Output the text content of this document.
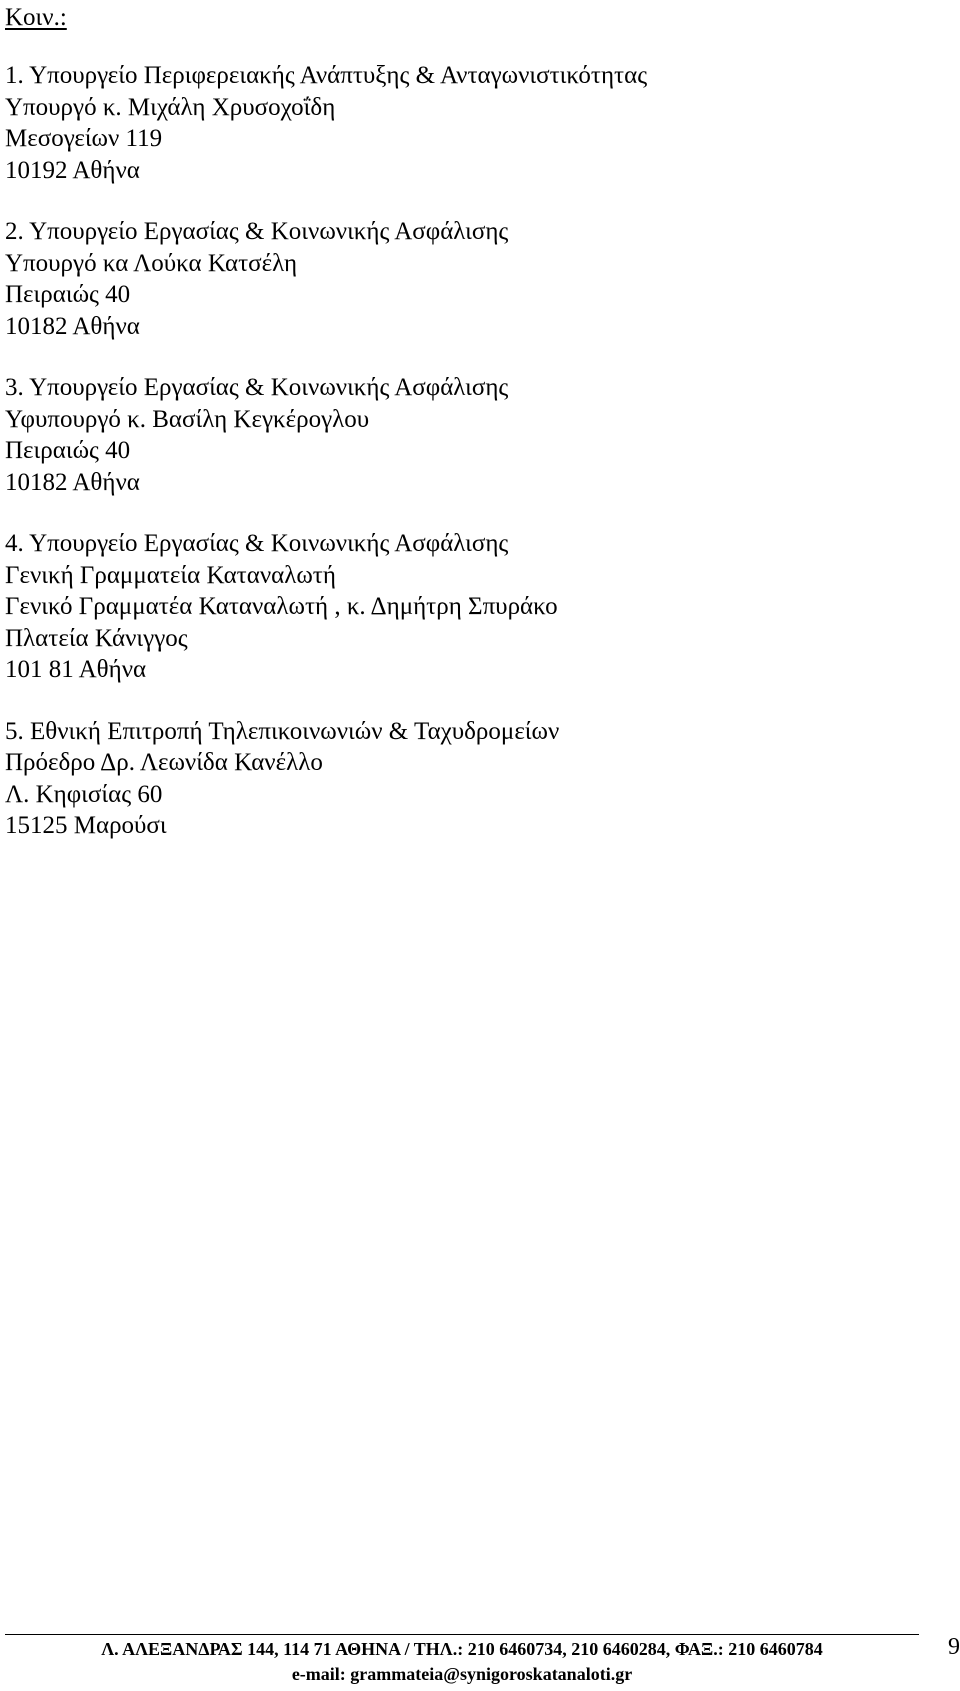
Κοιν.:
1. Υπουργείο Περιφερειακής Ανάπτυξης & Ανταγωνιστικότητας
Υπουργό κ. Μιχάλη Χρυσοχοΐδη
Μεσογείων 119
10192 Αθήνα
2. Υπουργείο Εργασίας & Κοινωνικής Ασφάλισης
Υπουργό κα Λούκα Κατσέλη
Πειραιώς 40
10182 Αθήνα
3. Υπουργείο Εργασίας & Κοινωνικής Ασφάλισης
Υφυπουργό κ. Βασίλη Κεγκέρογλου
Πειραιώς 40
10182 Αθήνα
4. Υπουργείο Εργασίας & Κοινωνικής Ασφάλισης
Γενική Γραμματεία Καταναλωτή
Γενικό Γραμματέα Καταναλωτή , κ. Δημήτρη Σπυράκο
Πλατεία Κάνιγγος
101 81 Αθήνα
5. Εθνική Επιτροπή Τηλεπικοινωνιών & Ταχυδρομείων
Πρόεδρο Δρ. Λεωνίδα Κανέλλο
Λ. Κηφισίας 60
15125 Μαρούσι
Λ. ΑΛΕΞΑΝΔΡΑΣ 144, 114 71 ΑΘΗΝΑ / ΤΗΛ.: 210 6460734, 210 6460284, ΦΑΞ.: 210 6460784
e-mail: grammateia@synigoroskatanaloti.gr
9
